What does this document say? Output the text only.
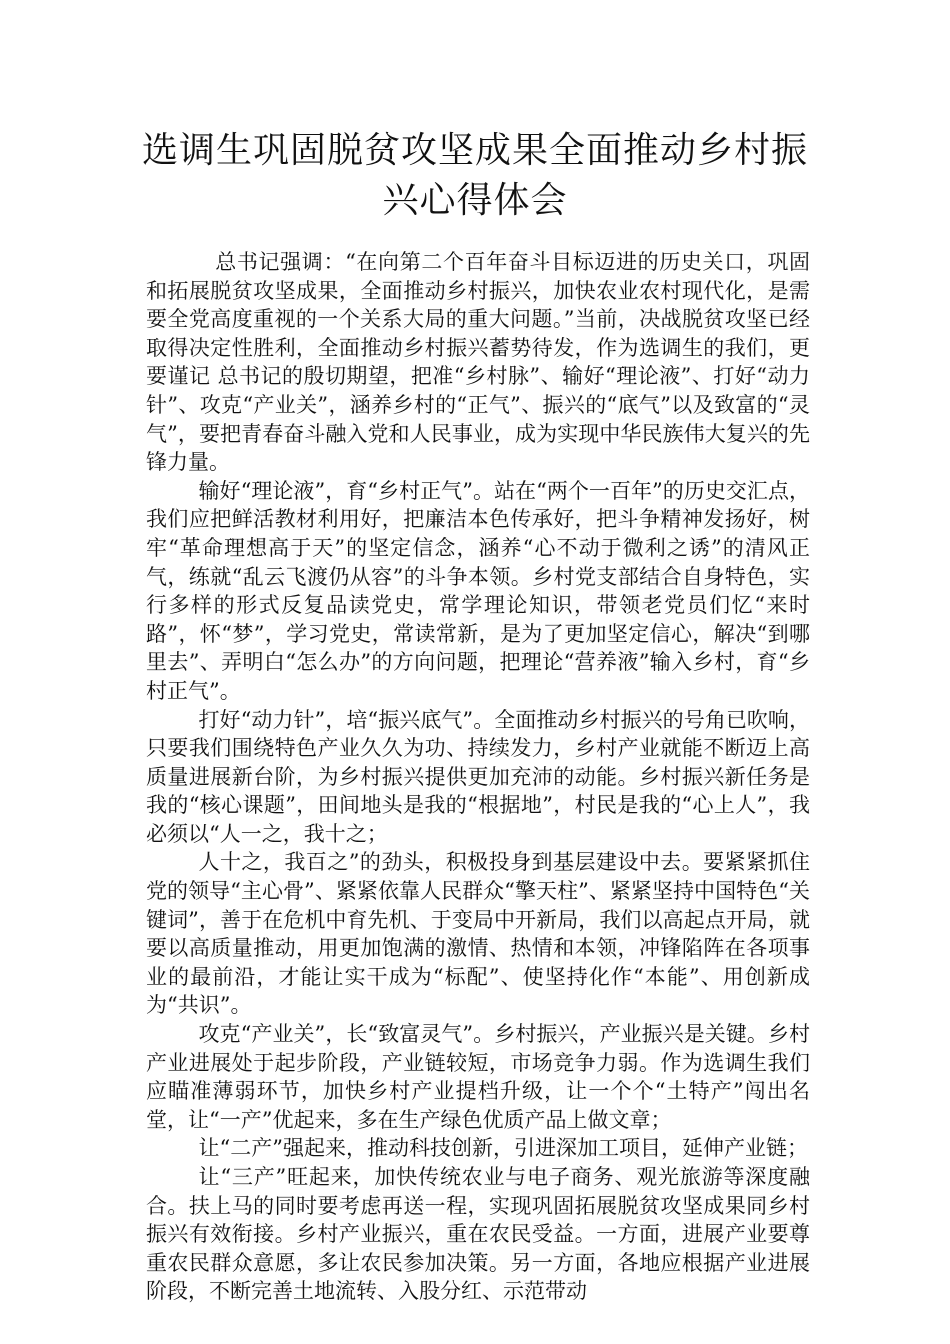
选调生巩固脱贫攻坚成果全面推动乡村振兴心得体会

总书记强调：“在向第二个百年奋斗目标迈进的历史关口，巩固和拓展脱贫攻坚成果，全面推动乡村振兴，加快农业农村现代化，是需要全党高度重视的一个关系大局的重大问题。”当前，决战脱贫攻坚已经取得决定性胜利，全面推动乡村振兴蓄势待发，作为选调生的我们，更要谨记 总书记的殷切期望，把准“乡村脉”、输好“理论液”、打好“动力针”、攻克“产业关”，涵养乡村的“正气”、振兴的“底气”以及致富的“灵气”，要把青春奋斗融入党和人民事业，成为实现中华民族伟大复兴的先锋力量。

输好“理论液”，育“乡村正气”。站在“两个一百年”的历史交汇点，我们应把鲜活教材利用好，把廉洁本色传承好，把斗争精神发扬好，树牢“革命理想高于天”的坚定信念，涵养“心不动于微利之诱”的清风正气，练就“乱云飞渡仍从容”的斗争本领。乡村党支部结合自身特色，实行多样的形式反复品读党史，常学理论知识，带领老党员们忆“来时路”，怀“梦”，学习党史，常读常新，是为了更加坚定信心，解决“到哪里去”、弄明白“怎么办”的方向问题，把理论“营养液”输入乡村，育“乡村正气”。

打好“动力针”，培“振兴底气”。全面推动乡村振兴的号角已吹响，只要我们围绕特色产业久久为功、持续发力，乡村产业就能不断迈上高质量进展新台阶，为乡村振兴提供更加充沛的动能。乡村振兴新任务是我的“核心课题”，田间地头是我的“根据地”，村民是我的“心上人”，我必须以“人一之，我十之；

人十之，我百之”的劲头，积极投身到基层建设中去。要紧紧抓住党的领导“主心骨”、紧紧依靠人民群众“擎天柱”、紧紧坚持中国特色“关键词”，善于在危机中育先机、于变局中开新局，我们以高起点开局，就要以高质量推动，用更加饱满的激情、热情和本领，冲锋陷阵在各项事业的最前沿，才能让实干成为“标配”、使坚持化作“本能”、用创新成为“共识”。

攻克“产业关”，长“致富灵气”。乡村振兴，产业振兴是关键。乡村产业进展处于起步阶段，产业链较短，市场竞争力弱。作为选调生我们应瞄准薄弱环节，加快乡村产业提档升级，让一个个“土特产”闯出名堂，让“一产”优起来，多在生产绿色优质产品上做文章；

让“二产”强起来，推动科技创新，引进深加工项目，延伸产业链；

让“三产”旺起来，加快传统农业与电子商务、观光旅游等深度融合。扶上马的同时要考虑再送一程，实现巩固拓展脱贫攻坚成果同乡村振兴有效衔接。乡村产业振兴，重在农民受益。一方面，进展产业要尊重农民群众意愿，多让农民参加决策。另一方面，各地应根据产业进展阶段，不断完善土地流转、入股分红、示范带动
